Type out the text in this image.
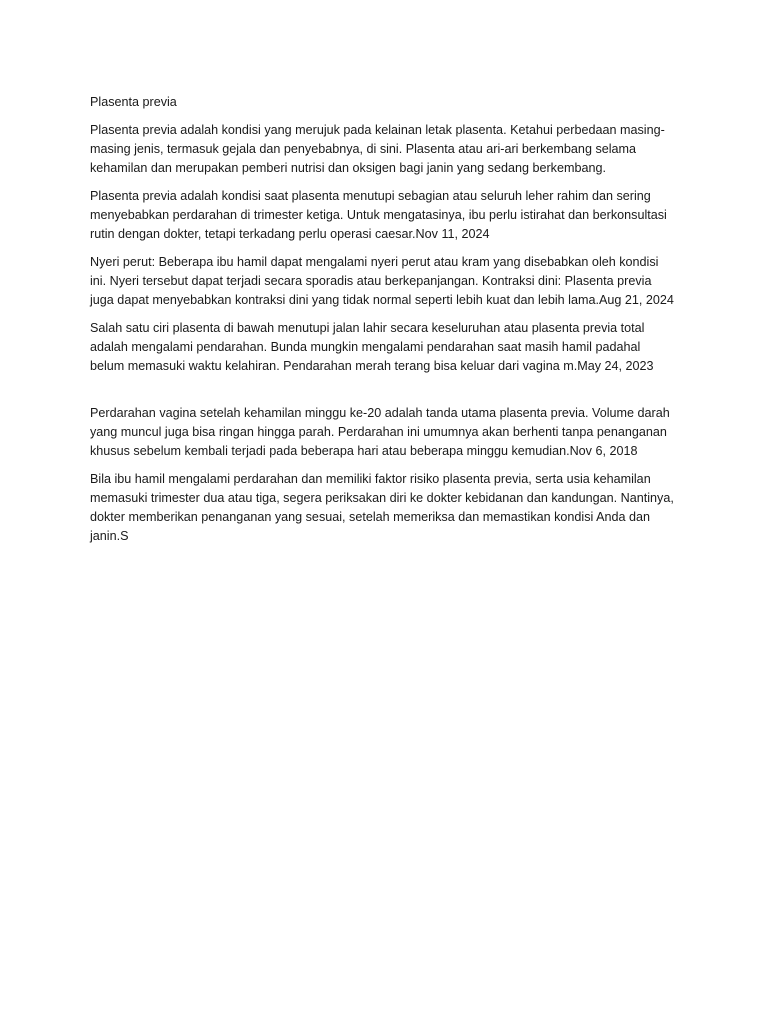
Plasenta previa

Plasenta previa adalah kondisi yang merujuk pada kelainan letak plasenta. Ketahui perbedaan masing-masing jenis, termasuk gejala dan penyebabnya, di sini. Plasenta atau ari-ari berkembang selama kehamilan dan merupakan pemberi nutrisi dan oksigen bagi janin yang sedang berkembang.

Plasenta previa adalah kondisi saat plasenta menutupi sebagian atau seluruh leher rahim dan sering menyebabkan perdarahan di trimester ketiga. Untuk mengatasinya, ibu perlu istirahat dan berkonsultasi rutin dengan dokter, tetapi terkadang perlu operasi caesar.Nov 11, 2024

Nyeri perut: Beberapa ibu hamil dapat mengalami nyeri perut atau kram yang disebabkan oleh kondisi ini. Nyeri tersebut dapat terjadi secara sporadis atau berkepanjangan. Kontraksi dini: Plasenta previa juga dapat menyebabkan kontraksi dini yang tidak normal seperti lebih kuat dan lebih lama.Aug 21, 2024

Salah satu ciri plasenta di bawah menutupi jalan lahir secara keseluruhan atau plasenta previa total adalah mengalami pendarahan. Bunda mungkin mengalami pendarahan saat masih hamil padahal belum memasuki waktu kelahiran. Pendarahan merah terang bisa keluar dari vagina m.May 24, 2023

Perdarahan vagina setelah kehamilan minggu ke-20 adalah tanda utama plasenta previa. Volume darah yang muncul juga bisa ringan hingga parah. Perdarahan ini umumnya akan berhenti tanpa penanganan khusus sebelum kembali terjadi pada beberapa hari atau beberapa minggu kemudian.Nov 6, 2018

Bila ibu hamil mengalami perdarahan dan memiliki faktor risiko plasenta previa, serta usia kehamilan memasuki trimester dua atau tiga, segera periksakan diri ke dokter kebidanan dan kandungan. Nantinya, dokter memberikan penanganan yang sesuai, setelah memeriksa dan memastikan kondisi Anda dan janin.S
